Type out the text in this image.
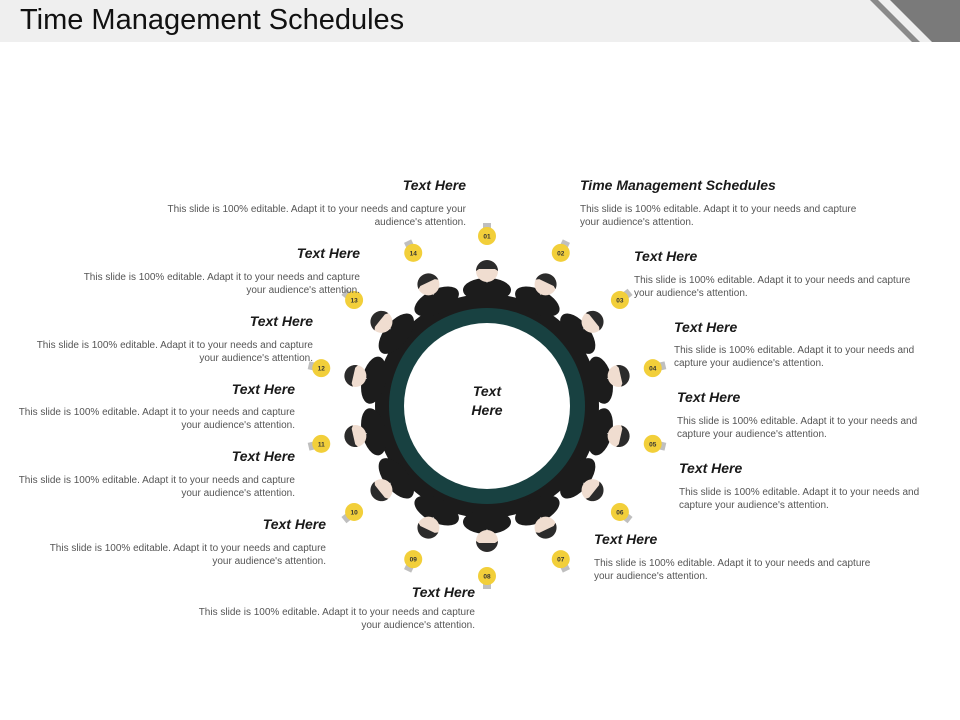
Time Management Schedules
01
02
03
04
05
06
07
08
09
10
11
12
13
14
Text
Here
Time Management Schedules
This slide is 100% editable. Adapt it to your needs and capture your audience's attention.
Text Here
This slide is 100% editable. Adapt it to your needs and capture your audience's attention.
Text Here
This slide is 100% editable. Adapt it to your needs and capture your audience's attention.
Text Here
This slide is 100% editable. Adapt it to your needs and capture your audience's attention.
Text Here
This slide is 100% editable. Adapt it to your needs and capture your audience's attention.
Text Here
This slide is 100% editable. Adapt it to your needs and capture your audience's attention.
Text Here
This slide is 100% editable. Adapt it to your needs and capture your audience's attention.
Text Here
This slide is 100% editable. Adapt it to your needs and capture your audience's attention.
Text Here
This slide is 100% editable. Adapt it to your needs and capture your audience's attention.
Text Here
This slide is 100% editable. Adapt it to your needs and capture your audience's attention.
Text Here
This slide is 100% editable. Adapt it to your needs and capture your audience's attention.
Text Here
This slide is 100% editable. Adapt it to your needs and capture your audience's attention.
Text Here
This slide is 100% editable. Adapt it to your needs and capture your audience's attention.
